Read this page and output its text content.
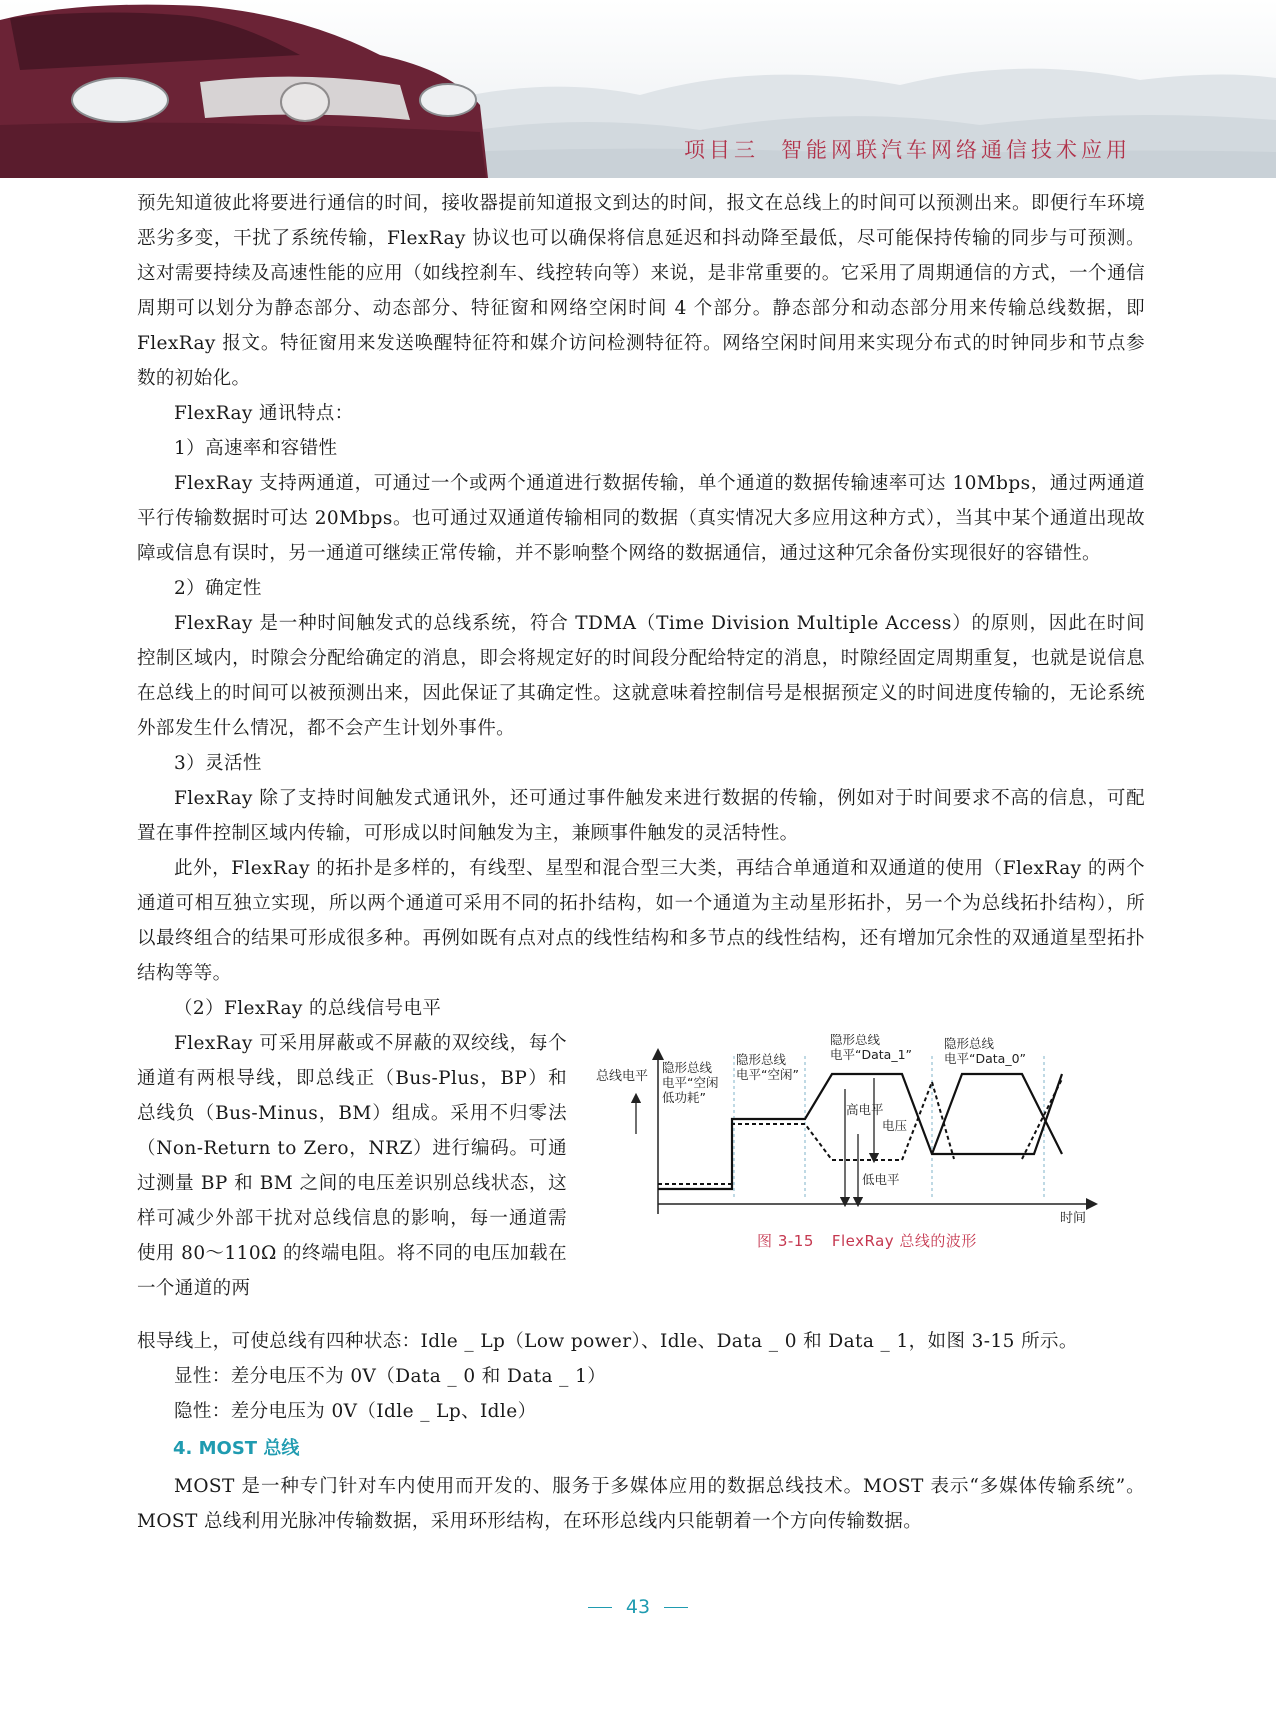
项目三 智能网联汽车网络通信技术应用

预先知道彼此将要进行通信的时间，接收器提前知道报文到达的时间，报文在总线上的时间可以预测出来。即便行车环境恶劣多变，干扰了系统传输，FlexRay 协议也可以确保将信息延迟和抖动降至最低，尽可能保持传输的同步与可预测。这对需要持续及高速性能的应用（如线控刹车、线控转向等）来说，是非常重要的。它采用了周期通信的方式，一个通信周期可以划分为静态部分、动态部分、特征窗和网络空闲时间 4 个部分。静态部分和动态部分用来传输总线数据，即 FlexRay 报文。特征窗用来发送唤醒特征符和媒介访问检测特征符。网络空闲时间用来实现分布式的时钟同步和节点参数的初始化。

FlexRay 通讯特点：

1）高速率和容错性

FlexRay 支持两通道，可通过一个或两个通道进行数据传输，单个通道的数据传输速率可达 10Mbps，通过两通道平行传输数据时可达 20Mbps。也可通过双通道传输相同的数据（真实情况大多应用这种方式），当其中某个通道出现故障或信息有误时，另一通道可继续正常传输，并不影响整个网络的数据通信，通过这种冗余备份实现很好的容错性。

2）确定性

FlexRay 是一种时间触发式的总线系统，符合 TDMA（Time Division Multiple Access）的原则，因此在时间控制区域内，时隙会分配给确定的消息，即会将规定好的时间段分配给特定的消息，时隙经固定周期重复，也就是说信息在总线上的时间可以被预测出来，因此保证了其确定性。这就意味着控制信号是根据预定义的时间进度传输的，无论系统外部发生什么情况，都不会产生计划外事件。

3）灵活性

FlexRay 除了支持时间触发式通讯外，还可通过事件触发来进行数据的传输，例如对于时间要求不高的信息，可配置在事件控制区域内传输，可形成以时间触发为主，兼顾事件触发的灵活特性。

此外，FlexRay 的拓扑是多样的，有线型、星型和混合型三大类，再结合单通道和双通道的使用（FlexRay 的两个通道可相互独立实现，所以两个通道可采用不同的拓扑结构，如一个通道为主动星形拓扑，另一个为总线拓扑结构），所以最终组合的结果可形成很多种。再例如既有点对点的线性结构和多节点的线性结构，还有增加冗余性的双通道星型拓扑结构等等。

（2）FlexRay 的总线信号电平

FlexRay 可采用屏蔽或不屏蔽的双绞线，每个通道有两根导线，即总线正（Bus-Plus，BP）和总线负（Bus-Minus，BM）组成。采用不归零法（Non-Return to Zero，NRZ）进行编码。可通过测量 BP 和 BM 之间的电压差识别总线状态，这样可减少外部干扰对总线信息的影响，每一通道需使用 80～110Ω 的终端电阻。将不同的电压加载在一个通道的两

总线电平
时间
隐形总线
电平“空闲
低功耗”
隐形总线
电平“空闲”
隐形总线
电平“Data_1”
隐形总线
电平“Data_0”
高电平
电压
低电平
图 3-15 FlexRay 总线的波形

根导线上，可使总线有四种状态：Idle _ Lp（Low power）、Idle、Data _ 0 和 Data _ 1，如图 3-15 所示。

显性：差分电压不为 0V（Data _ 0 和 Data _ 1）

隐性：差分电压为 0V（Idle _ Lp、Idle）

4. MOST 总线

MOST 是一种专门针对车内使用而开发的、服务于多媒体应用的数据总线技术。MOST 表示“多媒体传输系统”。MOST 总线利用光脉冲传输数据，采用环形结构，在环形总线内只能朝着一个方向传输数据。

43
